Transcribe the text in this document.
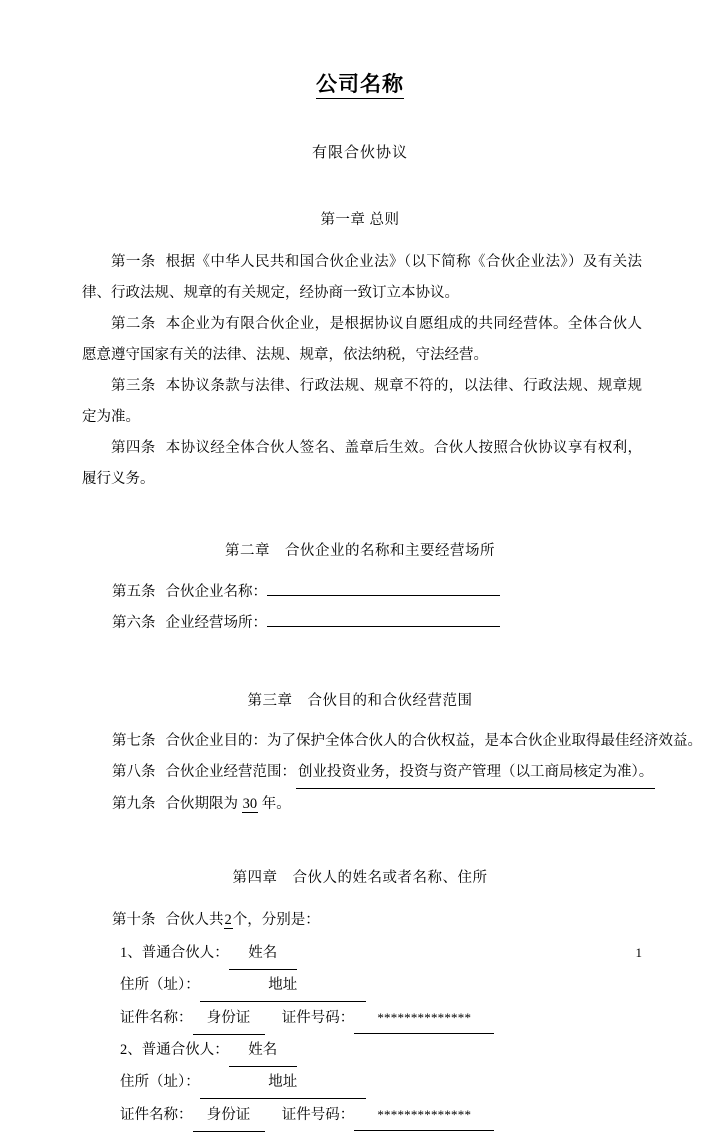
公司名称
有限合伙协议
第一章 总则

第一条 根据《中华人民共和国合伙企业法》（以下简称《合伙企业法》）及有关法律、行政法规、规章的有关规定，经协商一致订立本协议。

第二条 本企业为有限合伙企业，是根据协议自愿组成的共同经营体。全体合伙人愿意遵守国家有关的法律、法规、规章，依法纳税，守法经营。

第三条 本协议条款与法律、行政法规、规章不符的，以法律、行政法规、规章规定为准。

第四条 本协议经全体合伙人签名、盖章后生效。合伙人按照合伙协议享有权利，履行义务。

第二章　合伙企业的名称和主要经营场所
第五条 合伙企业名称：
第六条 企业经营场所：
第三章　合伙目的和合伙经营范围
第七条 合伙企业目的：为了保护全体合伙人的合伙权益，是本合伙企业取得最佳经济效益。
第八条 合伙企业经营范围： 创业投资业务，投资与资产管理（以工商局核定为准）。
第九条 合伙期限为 30 年。
第四章　合伙人的姓名或者名称、住所
第十条 合伙人共2个，分别是：
1、普通合伙人： 姓名
住所（址）：	地址
证件名称： 身份证 证件号码： **************
2、普通合伙人： 姓名
住所（址）：	地址
证件名称： 身份证 证件号码： **************
1
